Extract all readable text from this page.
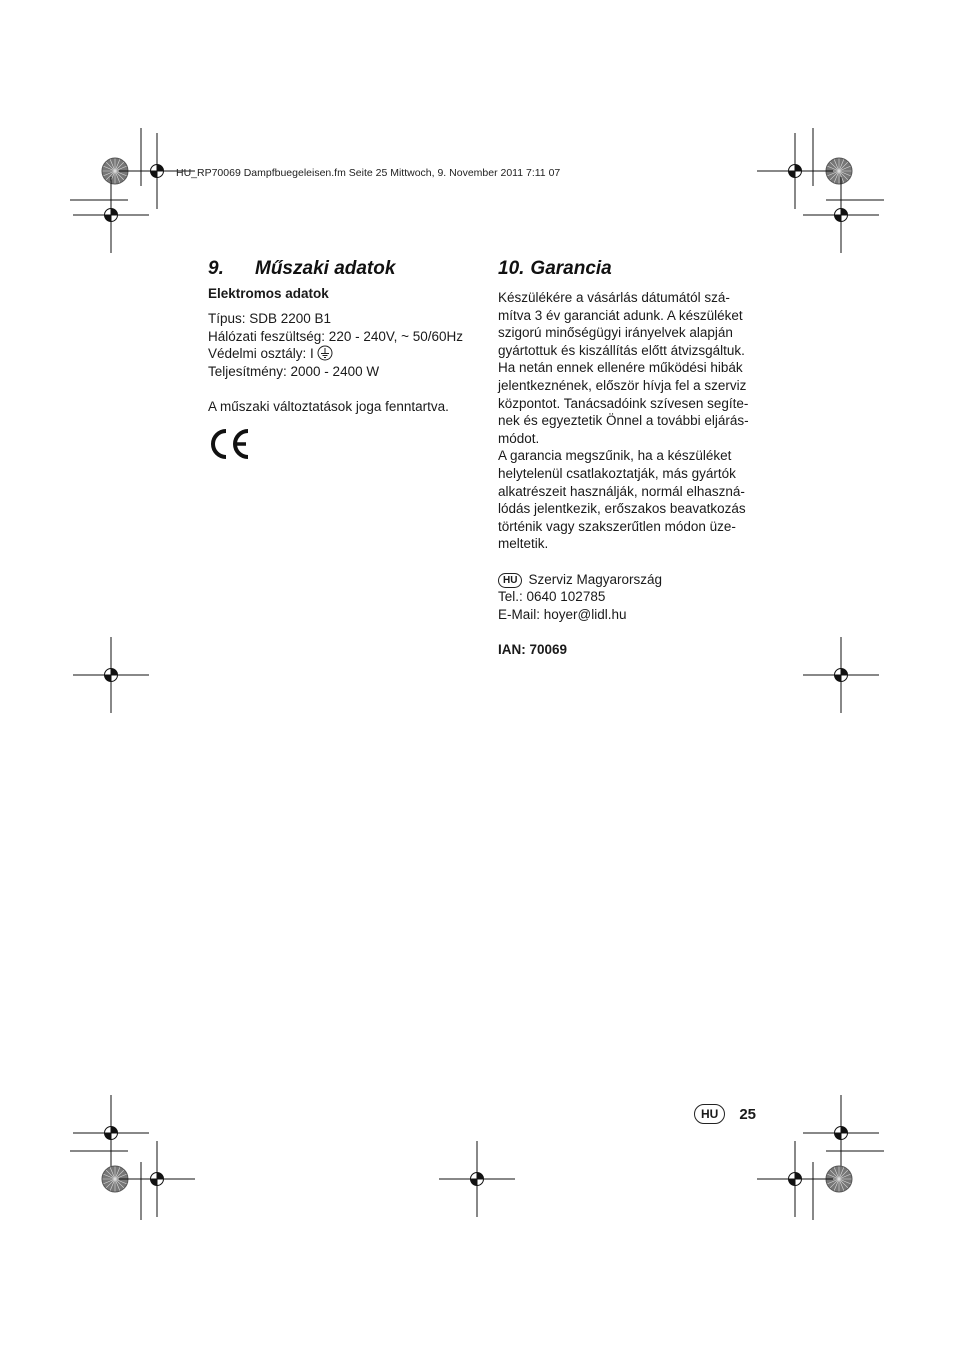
HU_RP70069 Dampfbuegeleisen.fm Seite 25 Mittwoch, 9. November 2011 7:11 07
9. Műszaki adatok
Elektromos adatok
Típus: SDB 2200 B1
Hálózati feszültség: 220 - 240V, ~ 50/60Hz
Védelmi osztály: I
Teljesítmény: 2000 - 2400 W
A műszaki változtatások joga fenntartva.
10. Garancia
Készülékére a vásárlás dátumától szá-
mítva 3 év garanciát adunk. A készüléket
szigorú minőségügyi irányelvek alapján
gyártottuk és kiszállítás előtt átvizsgáltuk.
Ha netán ennek ellenére működési hibák
jelentkeznének, először hívja fel a szerviz
központot. Tanácsadóink szívesen segíte-
nek és egyeztetik Önnel a további eljárás-
módot.
A garancia megszűnik, ha a készüléket
helytelenül csatlakoztatják, más gyártók
alkatrészeit használják, normál elhaszná-
lódás jelentkezik, erőszakos beavatkozás
történik vagy szakszerűtlen módon üze-
meltetik.
HU Szerviz Magyarország
Tel.: 0640 102785
E-Mail: hoyer@lidl.hu
IAN: 70069
HU 25
